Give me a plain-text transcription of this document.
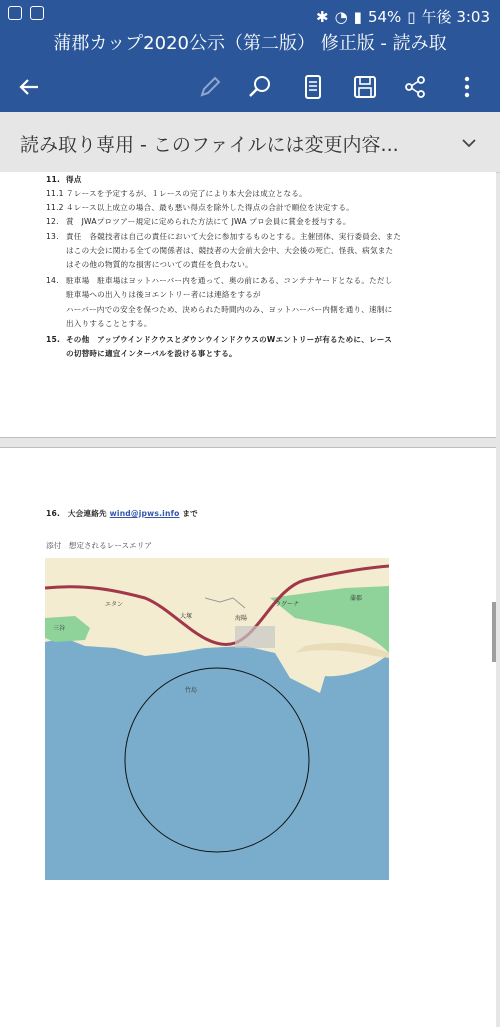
✱ ◔ ▮ 54% ▯ 午後 3:03
蒲郡カップ2020公示（第二版） 修正版 - 読み取
読み取り専用 - このファイルには変更内容...
11. 得点
11.1 ７レースを予定するが、１レースの完了により本大会は成立となる。
11.2 ４レース以上成立の場合、最も悪い得点を除外した得点の合計で順位を決定する。
12. 賞　JWAプロツアー規定に定められた方法にて JWA プロ会員に賞金を授与する。
13. 責任　各競技者は自己の責任において大会に参加するものとする。主催団体、実行委員会、また
はこの大会に関わる全ての関係者は、競技者の大会前大会中、大会後の死亡、怪我、病気また
はその他の物質的な損害についての責任を負わない。
14. 駐車場　駐車場はヨットハーバー内を通って、奥の前にある、コンテナヤードとなる。ただし
駐車場への出入りは後ヨエントリー者には連絡をするが
ハーバー内での安全を保つため、決められた時間内のみ、ヨットハーバー内側を通り、速制に
出入りすることとする。
15. その他　アップウインドクウスとダウンウインドクウスのWエントリーが有るために、レース
の切替時に適宜インターバルを設ける事とする。
16.　大会連絡先 wind@jpws.info まで
添付　想定されるレースエリア
三谷
エタン
大塚
ラグーナ
蒲郡
海陽
竹島
